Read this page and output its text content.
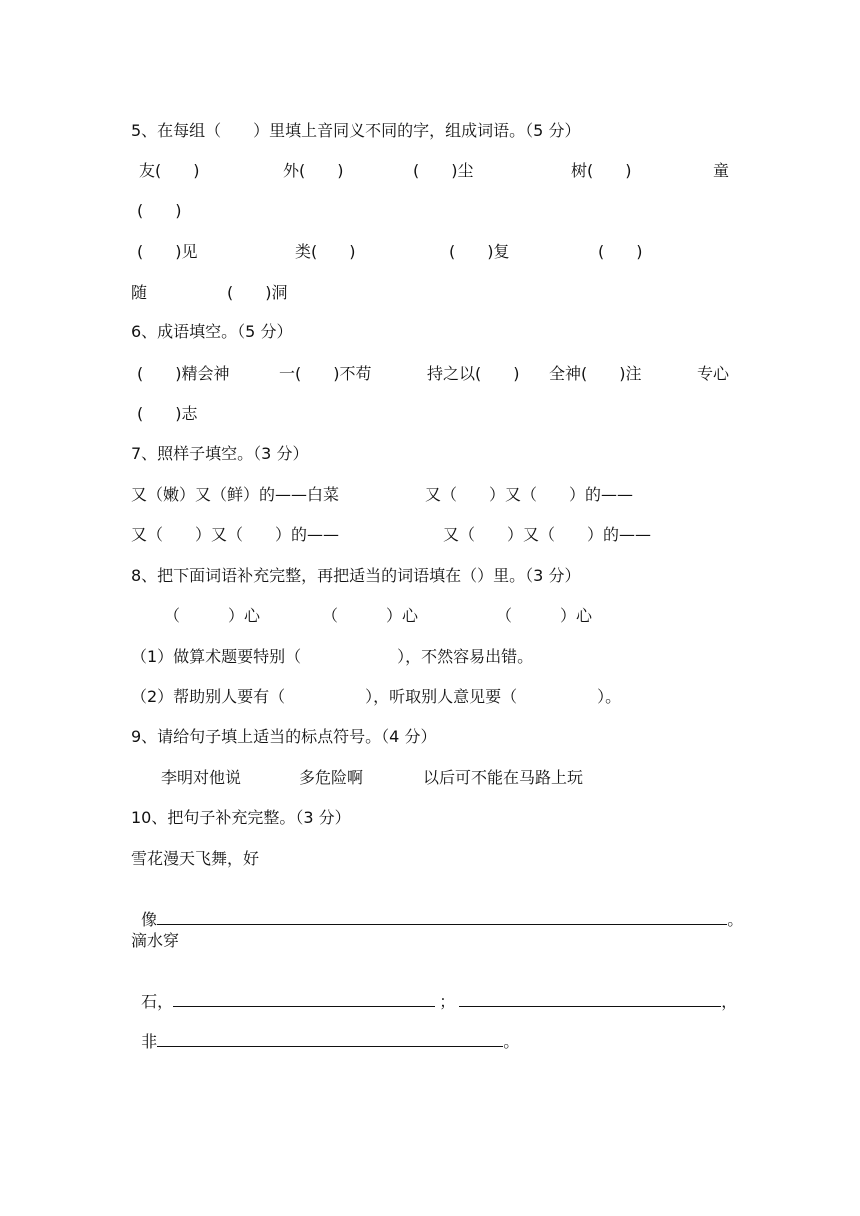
5、在每组（　　）里填上音同义不同的字，组成词语。（5 分）
友(　　)	外(　　)	(　　)尘	树(　　)	童
(　　)
(　　)见	类(　　)	(　　)复	(　　)
随	(　　)洞
6、成语填空。（5 分）
(　　)精会神	一(　　)不苟	持之以(　　) 全神(　　)注	专心
(　　)志
7、照样子填空。（3 分）
又（嫩）又（鲜）的——白菜	又（　　）又（　　）的——
又（　　）又（　　）的——	又（　　）又（　　）的——
8、把下面词语补充完整，再把适当的词语填在（）里。（3 分）
（　　　）心	（　　　）心	（　　　）心
（1）做算术题要特别（　　　　　　），不然容易出错。
（2）帮助别人要有（　　　　　），听取别人意见要（　　　　　）。
9、请给句子填上适当的标点符号。（4 分）
李明对他说	多危险啊	以后可不能在马路上玩
10、把句子补充完整。（3 分）
雪花漫天飞舞，好

像	。

滴水穿

石，	；	，

非	。
